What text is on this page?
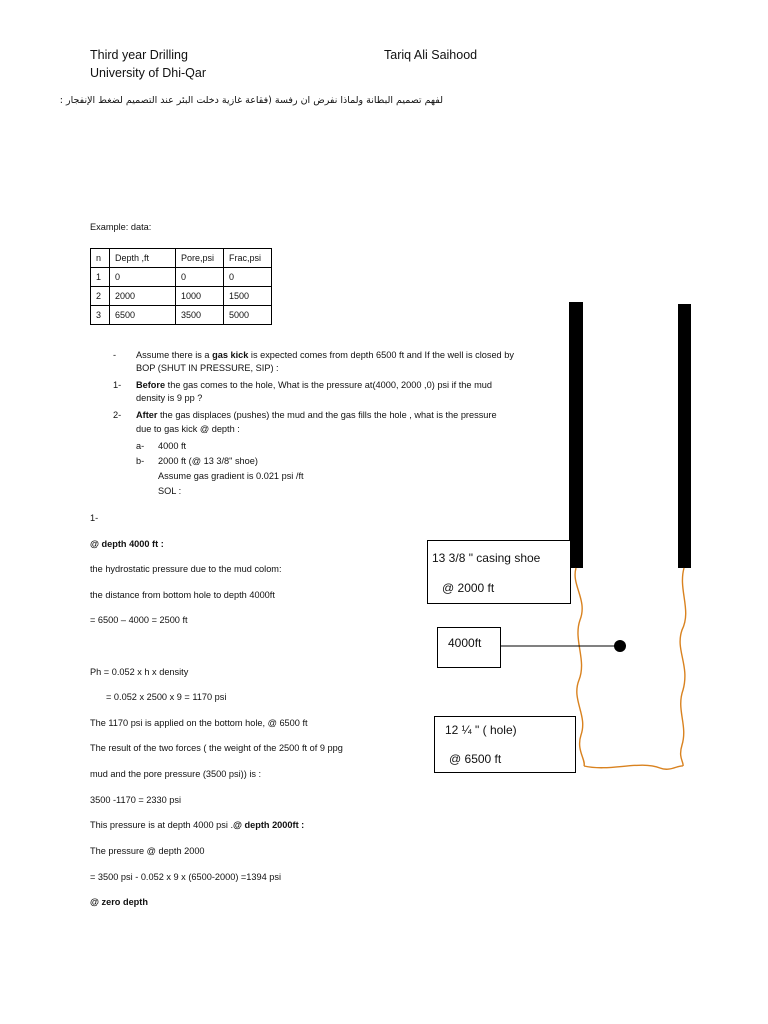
Third year Drilling	Tariq Ali Saihood
University of Dhi-Qar
لفهم تصميم البطانة ولماذا نفرض ان رفسة (فقاعة غازية دخلت البئر عند التصميم لضغط الإنفجار :
Example: data:
n	Depth ,ft	Pore,psi	Frac,psi
1	0	0	0
2	2000	1000	1500
3	6500	3500	5000
- Assume there is a gas kick is expected comes from depth 6500 ft and If the well is closed by
BOP (SHUT IN PRESSURE, SIP) :
1- Before the gas comes to the hole, What is the pressure at(4000, 2000 ,0) psi if the mud
density is 9 pp ?
2- After the gas displaces (pushes) the mud and the gas fills the hole , what is the pressure
due to gas kick @ depth :
a- 4000 ft
b- 2000 ft (@ 13 3/8" shoe)
Assume gas gradient is 0.021 psi /ft
SOL :
1-
@ depth 4000 ft :
the hydrostatic pressure due to the mud colom:
the distance from bottom hole to depth 4000ft
= 6500 – 4000 = 2500 ft
Ph = 0.052 x h x density
= 0.052 x 2500 x 9 = 1170 psi
The 1170 psi is applied on the bottom hole, @ 6500 ft
The result of the two forces ( the weight of the 2500 ft of 9 ppg
mud and the pore pressure (3500 psi)) is :
3500 -1170 = 2330 psi
This pressure is at depth 4000 psi .@ depth 2000ft :
The pressure @ depth 2000
= 3500 psi - 0.052 x 9 x (6500-2000) =1394 psi
@ zero depth
13 3/8 " casing shoe
@ 2000 ft
4000ft
12 ¼ " ( hole)
@ 6500 ft
